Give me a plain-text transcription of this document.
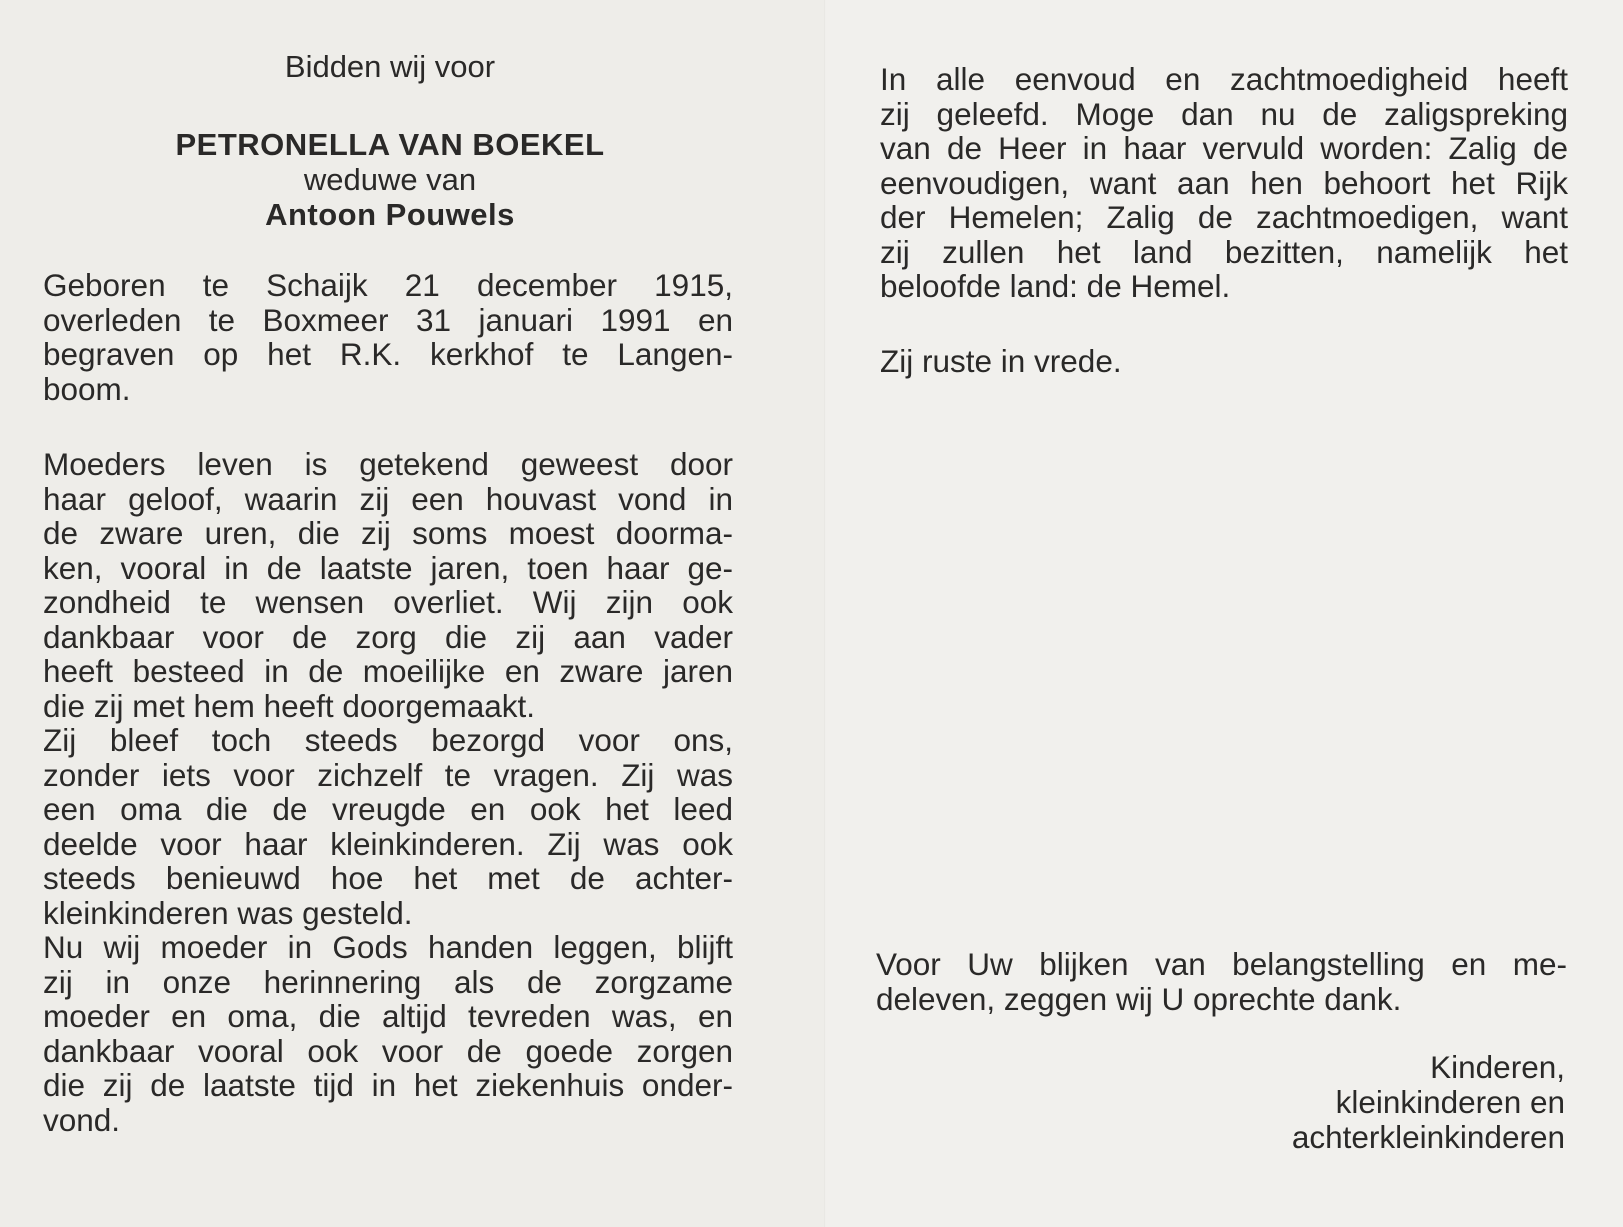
Bidden wij voor

PETRONELLA VAN BOEKEL

weduwe van

Antoon Pouwels

Geboren te Schaijk 21 december 1915,
overleden te Boxmeer 31 januari 1991 en
begraven op het R.K. kerkhof te Langen-
boom.

Moeders leven is getekend geweest door
haar geloof, waarin zij een houvast vond in
de zware uren, die zij soms moest doorma-
ken, vooral in de laatste jaren, toen haar ge-
zondheid te wensen overliet. Wij zijn ook
dankbaar voor de zorg die zij aan vader
heeft besteed in de moeilijke en zware jaren
die zij met hem heeft doorgemaakt.
Zij bleef toch steeds bezorgd voor ons,
zonder iets voor zichzelf te vragen. Zij was
een oma die de vreugde en ook het leed
deelde voor haar kleinkinderen. Zij was ook
steeds benieuwd hoe het met de achter-
kleinkinderen was gesteld.
Nu wij moeder in Gods handen leggen, blijft
zij in onze herinnering als de zorgzame
moeder en oma, die altijd tevreden was, en
dankbaar vooral ook voor de goede zorgen
die zij de laatste tijd in het ziekenhuis onder-
vond.

In alle eenvoud en zachtmoedigheid heeft
zij geleefd. Moge dan nu de zaligspreking
van de Heer in haar vervuld worden: Zalig de
eenvoudigen, want aan hen behoort het Rijk
der Hemelen; Zalig de zachtmoedigen, want
zij zullen het land bezitten, namelijk het
beloofde land: de Hemel.

Zij ruste in vrede.

Voor Uw blijken van belangstelling en me-
deleven, zeggen wij U oprechte dank.

Kinderen,
kleinkinderen en
achterkleinkinderen
